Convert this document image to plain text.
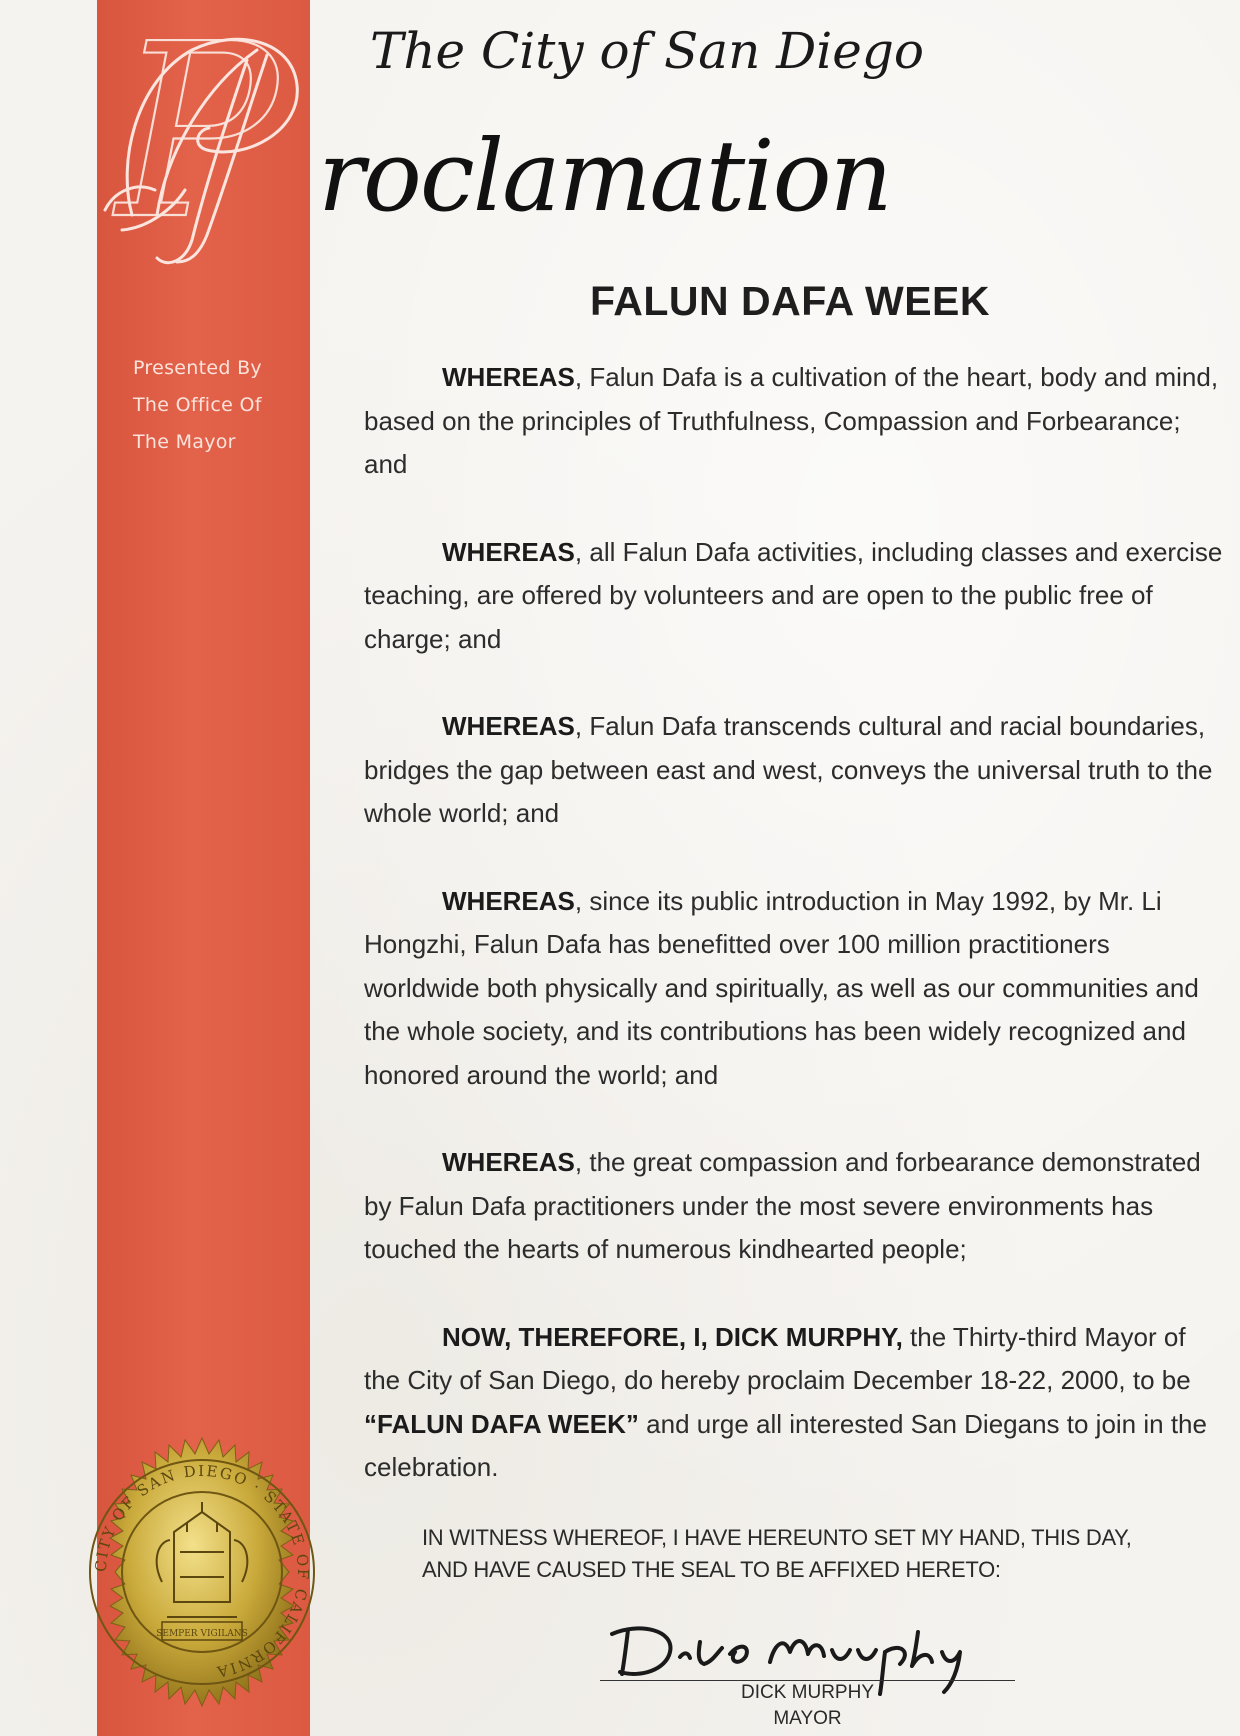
P
Presented By
The Office Of
The Mayor
The City of San Diego
roclamation
FALUN DAFA WEEK

WHEREAS, Falun Dafa is a cultivation of the heart, body and mind, based on the principles of Truthfulness, Compassion and Forbearance; and

WHEREAS, all Falun Dafa activities, including classes and exercise teaching, are offered by volunteers and are open to the public free of charge; and

WHEREAS, Falun Dafa transcends cultural and racial boundaries, bridges the gap between east and west, conveys the universal truth to the whole world; and

WHEREAS, since its public introduction in May 1992, by Mr. Li Hongzhi, Falun Dafa has benefitted over 100 million practitioners worldwide both physically and spiritually, as well as our communities and the whole society, and its contributions has been widely recognized and honored around the world; and

WHEREAS, the great compassion and forbearance demonstrated by Falun Dafa practitioners under the most severe environments has touched the hearts of numerous kindhearted people;

NOW, THEREFORE, I, DICK MURPHY, the Thirty-third Mayor of the City of San Diego, do hereby proclaim December 18-22, 2000, to be “FALUN DAFA WEEK” and urge all interested San Diegans to join in the celebration.

IN WITNESS WHEREOF, I HAVE HEREUNTO SET MY HAND, THIS DAY,
AND HAVE CAUSED THE SEAL TO BE AFFIXED HERETO:
Dick Murphy
DICK MURPHY
MAYOR
CITY OF SAN DIEGO · STATE OF CALIFORNIA
SEMPER VIGILANS
